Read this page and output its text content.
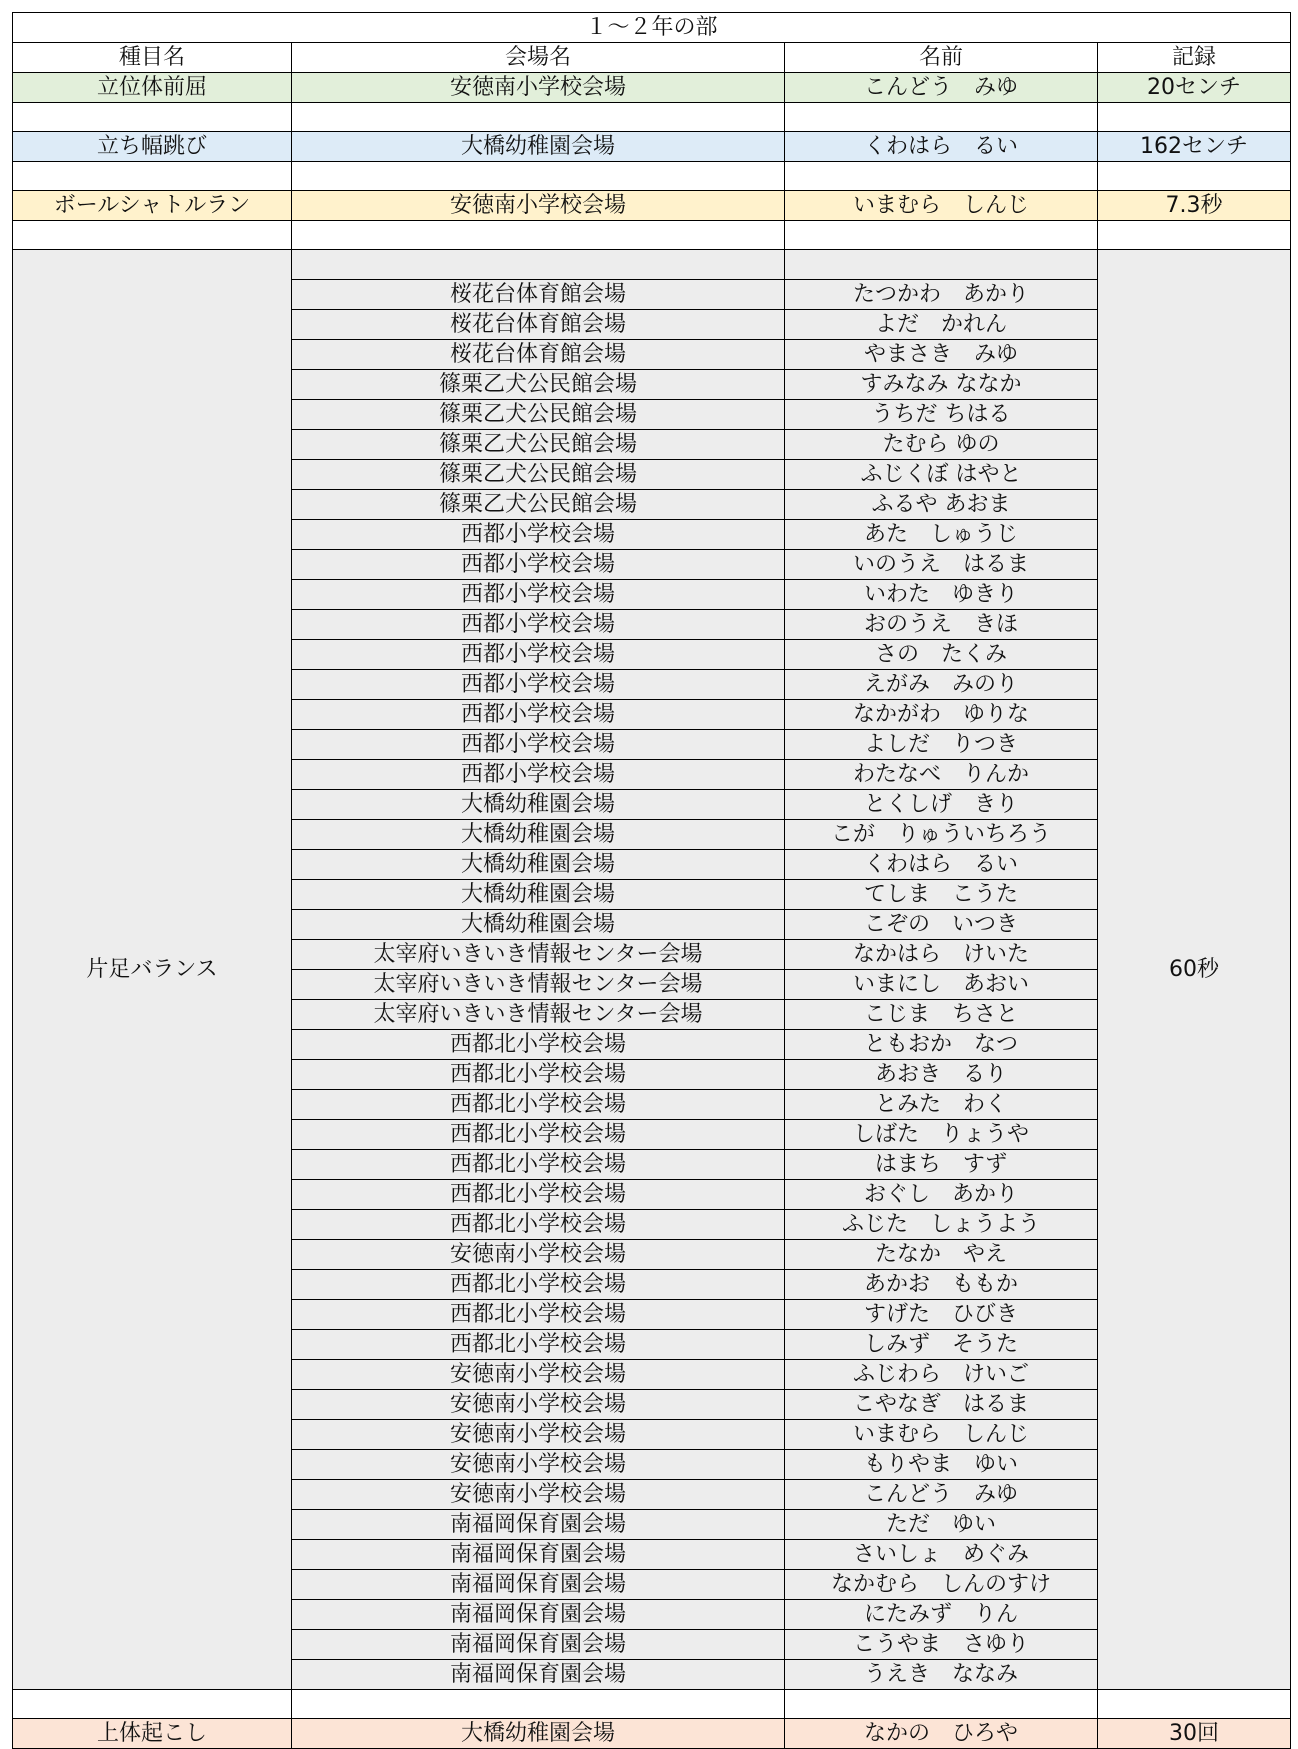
１～２年の部			
種目名	会場名	名前	記録
立位体前屈	安徳南小学校会場	こんどう　みゆ	20センチ

立ち幅跳び	大橋幼稚園会場	くわはら　るい	162センチ

ボールシャトルラン	安徳南小学校会場	いまむら　しんじ	7.3秒

片足バランス			60秒
	桜花台体育館会場	たつかわ　あかり	
	桜花台体育館会場	よだ　かれん	
	桜花台体育館会場	やまさき　みゆ	
	篠栗乙犬公民館会場	すみなみ ななか	
	篠栗乙犬公民館会場	うちだ ちはる	
	篠栗乙犬公民館会場	たむら ゆの	
	篠栗乙犬公民館会場	ふじくぼ はやと	
	篠栗乙犬公民館会場	ふるや あおま	
	西都小学校会場	あた　しゅうじ	
	西都小学校会場	いのうえ　はるま	
	西都小学校会場	いわた　ゆきり	
	西都小学校会場	おのうえ　きほ	
	西都小学校会場	さの　たくみ	
	西都小学校会場	えがみ　みのり	
	西都小学校会場	なかがわ　ゆりな	
	西都小学校会場	よしだ　りつき	
	西都小学校会場	わたなべ　りんか	
	大橋幼稚園会場	とくしげ　きり	
	大橋幼稚園会場	こが　りゅういちろう	
	大橋幼稚園会場	くわはら　るい	
	大橋幼稚園会場	てしま　こうた	
	大橋幼稚園会場	こぞの　いつき	
	太宰府いきいき情報センター会場	なかはら　けいた	
	太宰府いきいき情報センター会場	いまにし　あおい	
	太宰府いきいき情報センター会場	こじま　ちさと	
	西都北小学校会場	ともおか　なつ	
	西都北小学校会場	あおき　るり	
	西都北小学校会場	とみた　わく	
	西都北小学校会場	しばた　りょうや	
	西都北小学校会場	はまち　すず	
	西都北小学校会場	おぐし　あかり	
	西都北小学校会場	ふじた　しょうよう	
	安徳南小学校会場	たなか　やえ	
	西都北小学校会場	あかお　ももか	
	西都北小学校会場	すげた　ひびき	
	西都北小学校会場	しみず　そうた	
	安徳南小学校会場	ふじわら　けいご	
	安徳南小学校会場	こやなぎ　はるま	
	安徳南小学校会場	いまむら　しんじ	
	安徳南小学校会場	もりやま　ゆい	
	安徳南小学校会場	こんどう　みゆ	
	南福岡保育園会場	ただ　ゆい	
	南福岡保育園会場	さいしょ　めぐみ	
	南福岡保育園会場	なかむら　しんのすけ	
	南福岡保育園会場	にたみず　りん	
	南福岡保育園会場	こうやま　さゆり	
	南福岡保育園会場	うえき　ななみ	

上体起こし	大橋幼稚園会場	なかの　ひろや	30回
